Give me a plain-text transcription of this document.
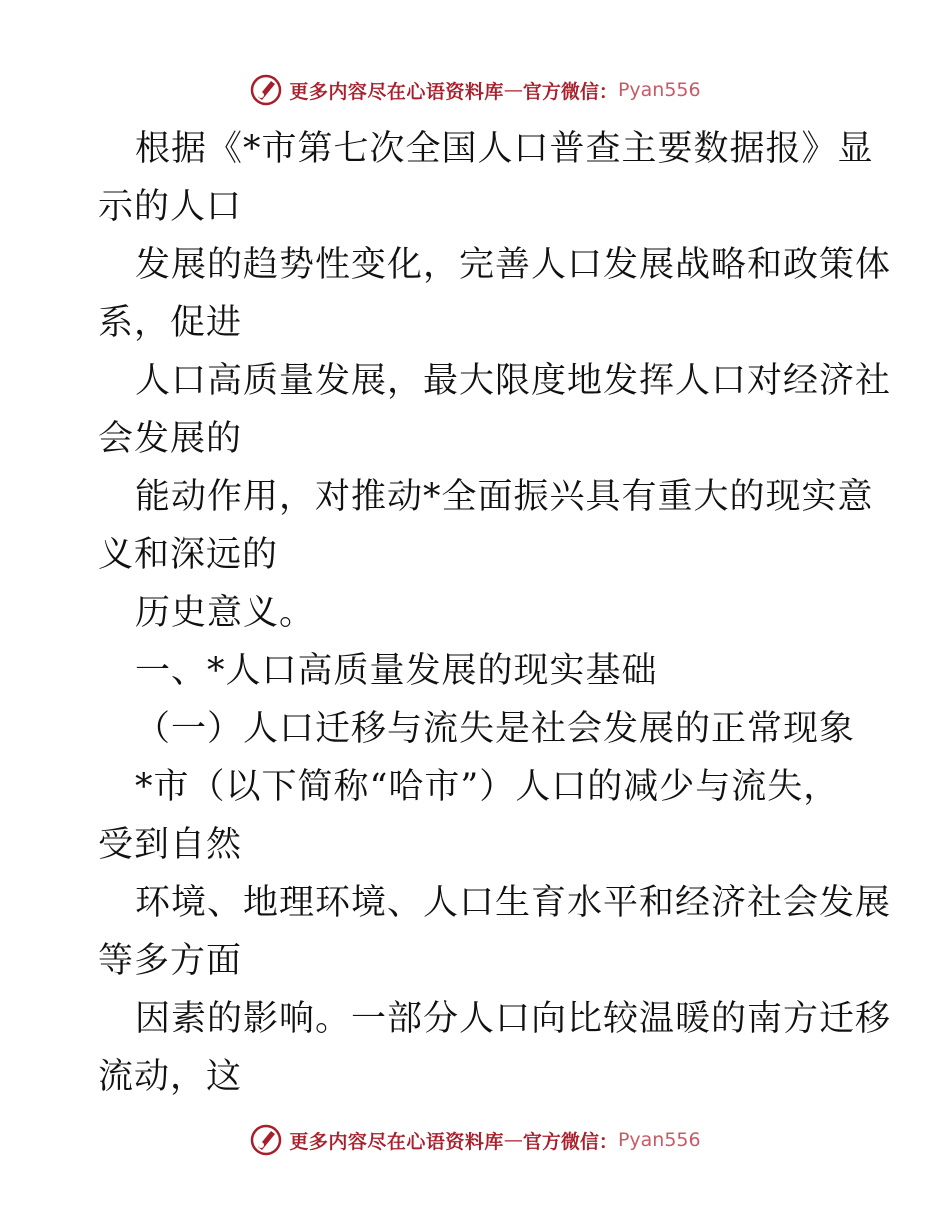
更多内容尽在心语资料库 — 官方微信： Pyan556
根据《*市第七次全国人口普查主要数据报》显
示的人口
发展的趋势性变化，完善人口发展战略和政策体
系，促进
人口高质量发展，最大限度地发挥人口对经济社
会发展的
能动作用，对推动*全面振兴具有重大的现实意
义和深远的
历史意义。
一、*人口高质量发展的现实基础
（一）人口迁移与流失是社会发展的正常现象
*市（以下简称“哈市”）人口的减少与流失，
受到自然
环境、地理环境、人口生育水平和经济社会发展
等多方面
因素的影响。一部分人口向比较温暖的南方迁移
流动，这
更多内容尽在心语资料库 — 官方微信： Pyan556
